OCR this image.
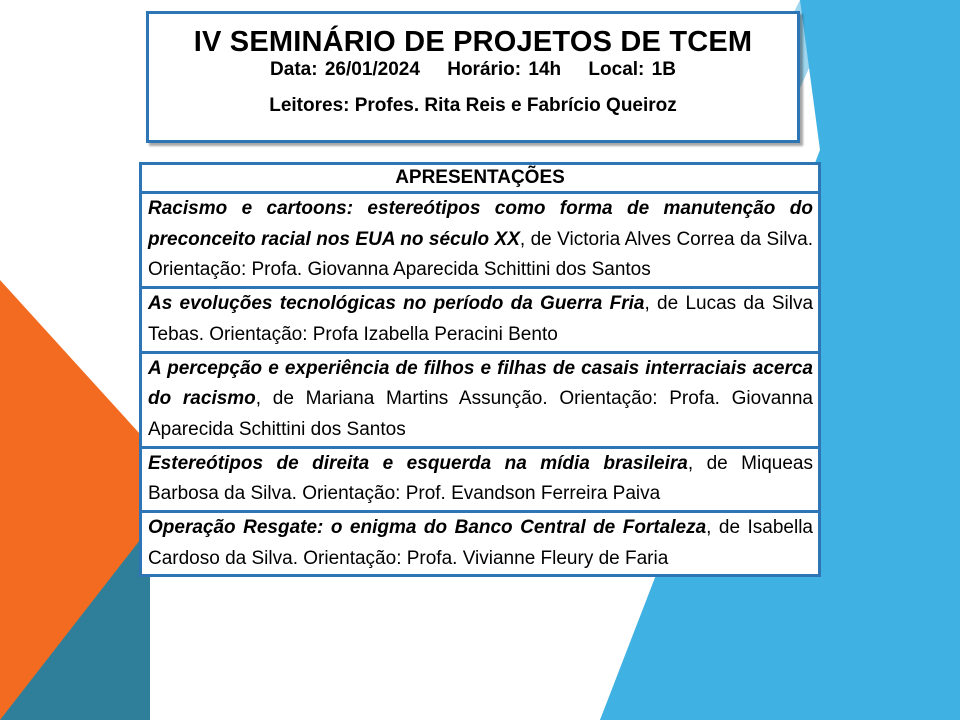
IV SEMINÁRIO DE PROJETOS DE TCEM
Data: 26/01/2024 Horário: 14h Local: 1B
Leitores: Profes. Rita Reis e Fabrício Queiroz
APRESENTAÇÕES
Racismo e cartoons: estereótipos como forma de manutenção do preconceito racial nos EUA no século XX, de Victoria Alves Correa da Silva. Orientação: Profa. Giovanna Aparecida Schittini dos Santos
As evoluções tecnológicas no período da Guerra Fria, de Lucas da Silva Tebas. Orientação: Profa Izabella Peracini Bento
A percepção e experiência de filhos e filhas de casais interraciais acerca do racismo, de Mariana Martins Assunção. Orientação: Profa. Giovanna Aparecida Schittini dos Santos
Estereótipos de direita e esquerda na mídia brasileira, de Miqueas Barbosa da Silva. Orientação: Prof. Evandson Ferreira Paiva
Operação Resgate: o enigma do Banco Central de Fortaleza, de Isabella Cardoso da Silva. Orientação: Profa. Vivianne Fleury de Faria
